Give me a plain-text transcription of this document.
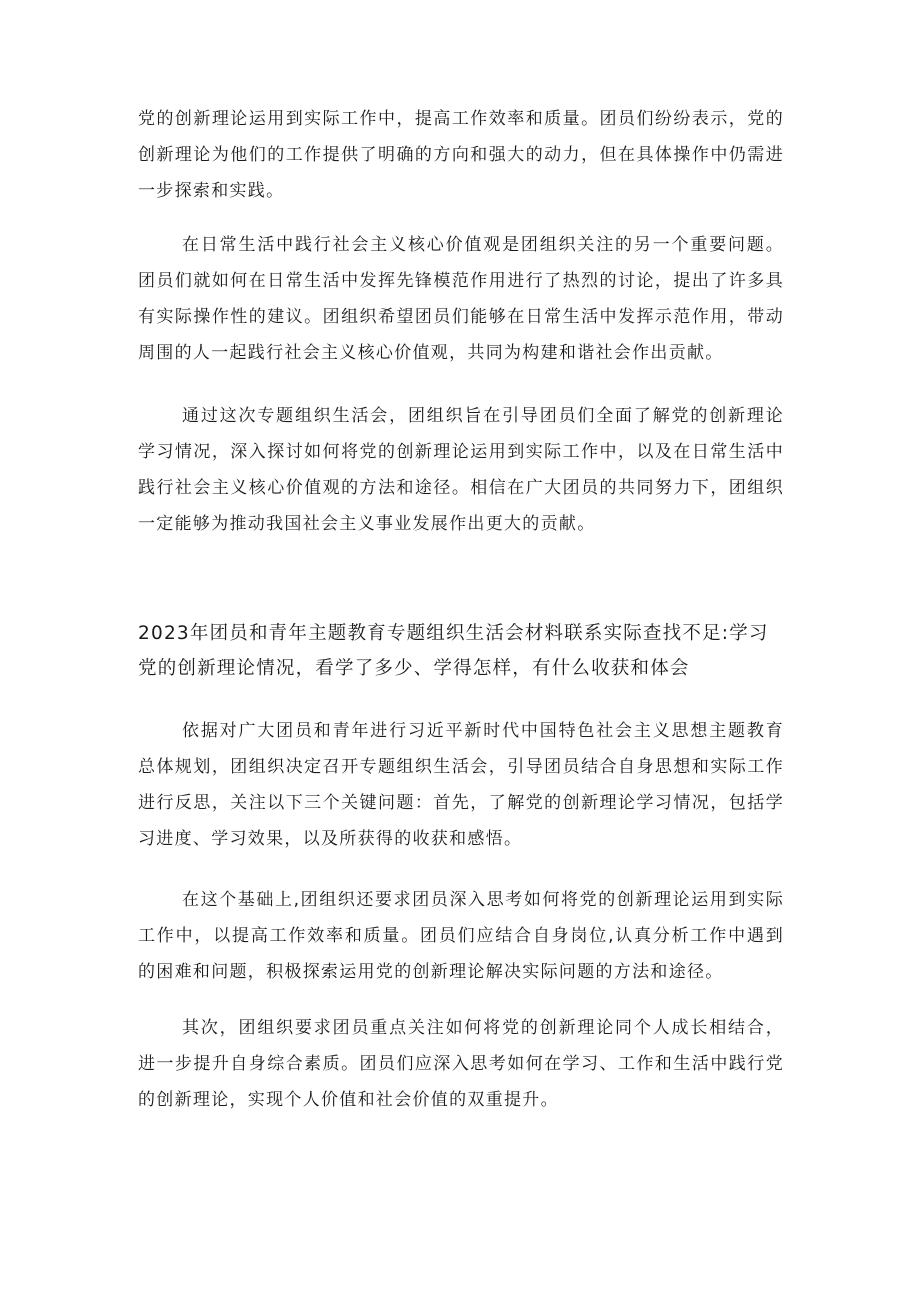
党的创新理论运用到实际工作中，提高工作效率和质量。团员们纷纷表示，党的创新理论为他们的工作提供了明确的方向和强大的动力，但在具体操作中仍需进一步探索和实践。

在日常生活中践行社会主义核心价值观是团组织关注的另一个重要问题。团员们就如何在日常生活中发挥先锋模范作用进行了热烈的讨论，提出了许多具有实际操作性的建议。团组织希望团员们能够在日常生活中发挥示范作用，带动周围的人一起践行社会主义核心价值观，共同为构建和谐社会作出贡献。

通过这次专题组织生活会，团组织旨在引导团员们全面了解党的创新理论学习情况，深入探讨如何将党的创新理论运用到实际工作中，以及在日常生活中践行社会主义核心价值观的方法和途径。相信在广大团员的共同努力下，团组织一定能够为推动我国社会主义事业发展作出更大的贡献。

2023年团员和青年主题教育专题组织生活会材料联系实际查找不足:学习党的创新理论情况，看学了多少、学得怎样，有什么收获和体会

依据对广大团员和青年进行习近平新时代中国特色社会主义思想主题教育总体规划，团组织决定召开专题组织生活会，引导团员结合自身思想和实际工作进行反思，关注以下三个关键问题：首先，了解党的创新理论学习情况，包括学习进度、学习效果，以及所获得的收获和感悟。

在这个基础上,团组织还要求团员深入思考如何将党的创新理论运用到实际工作中，以提高工作效率和质量。团员们应结合自身岗位,认真分析工作中遇到的困难和问题，积极探索运用党的创新理论解决实际问题的方法和途径。

其次，团组织要求团员重点关注如何将党的创新理论同个人成长相结合，进一步提升自身综合素质。团员们应深入思考如何在学习、工作和生活中践行党的创新理论，实现个人价值和社会价值的双重提升。
